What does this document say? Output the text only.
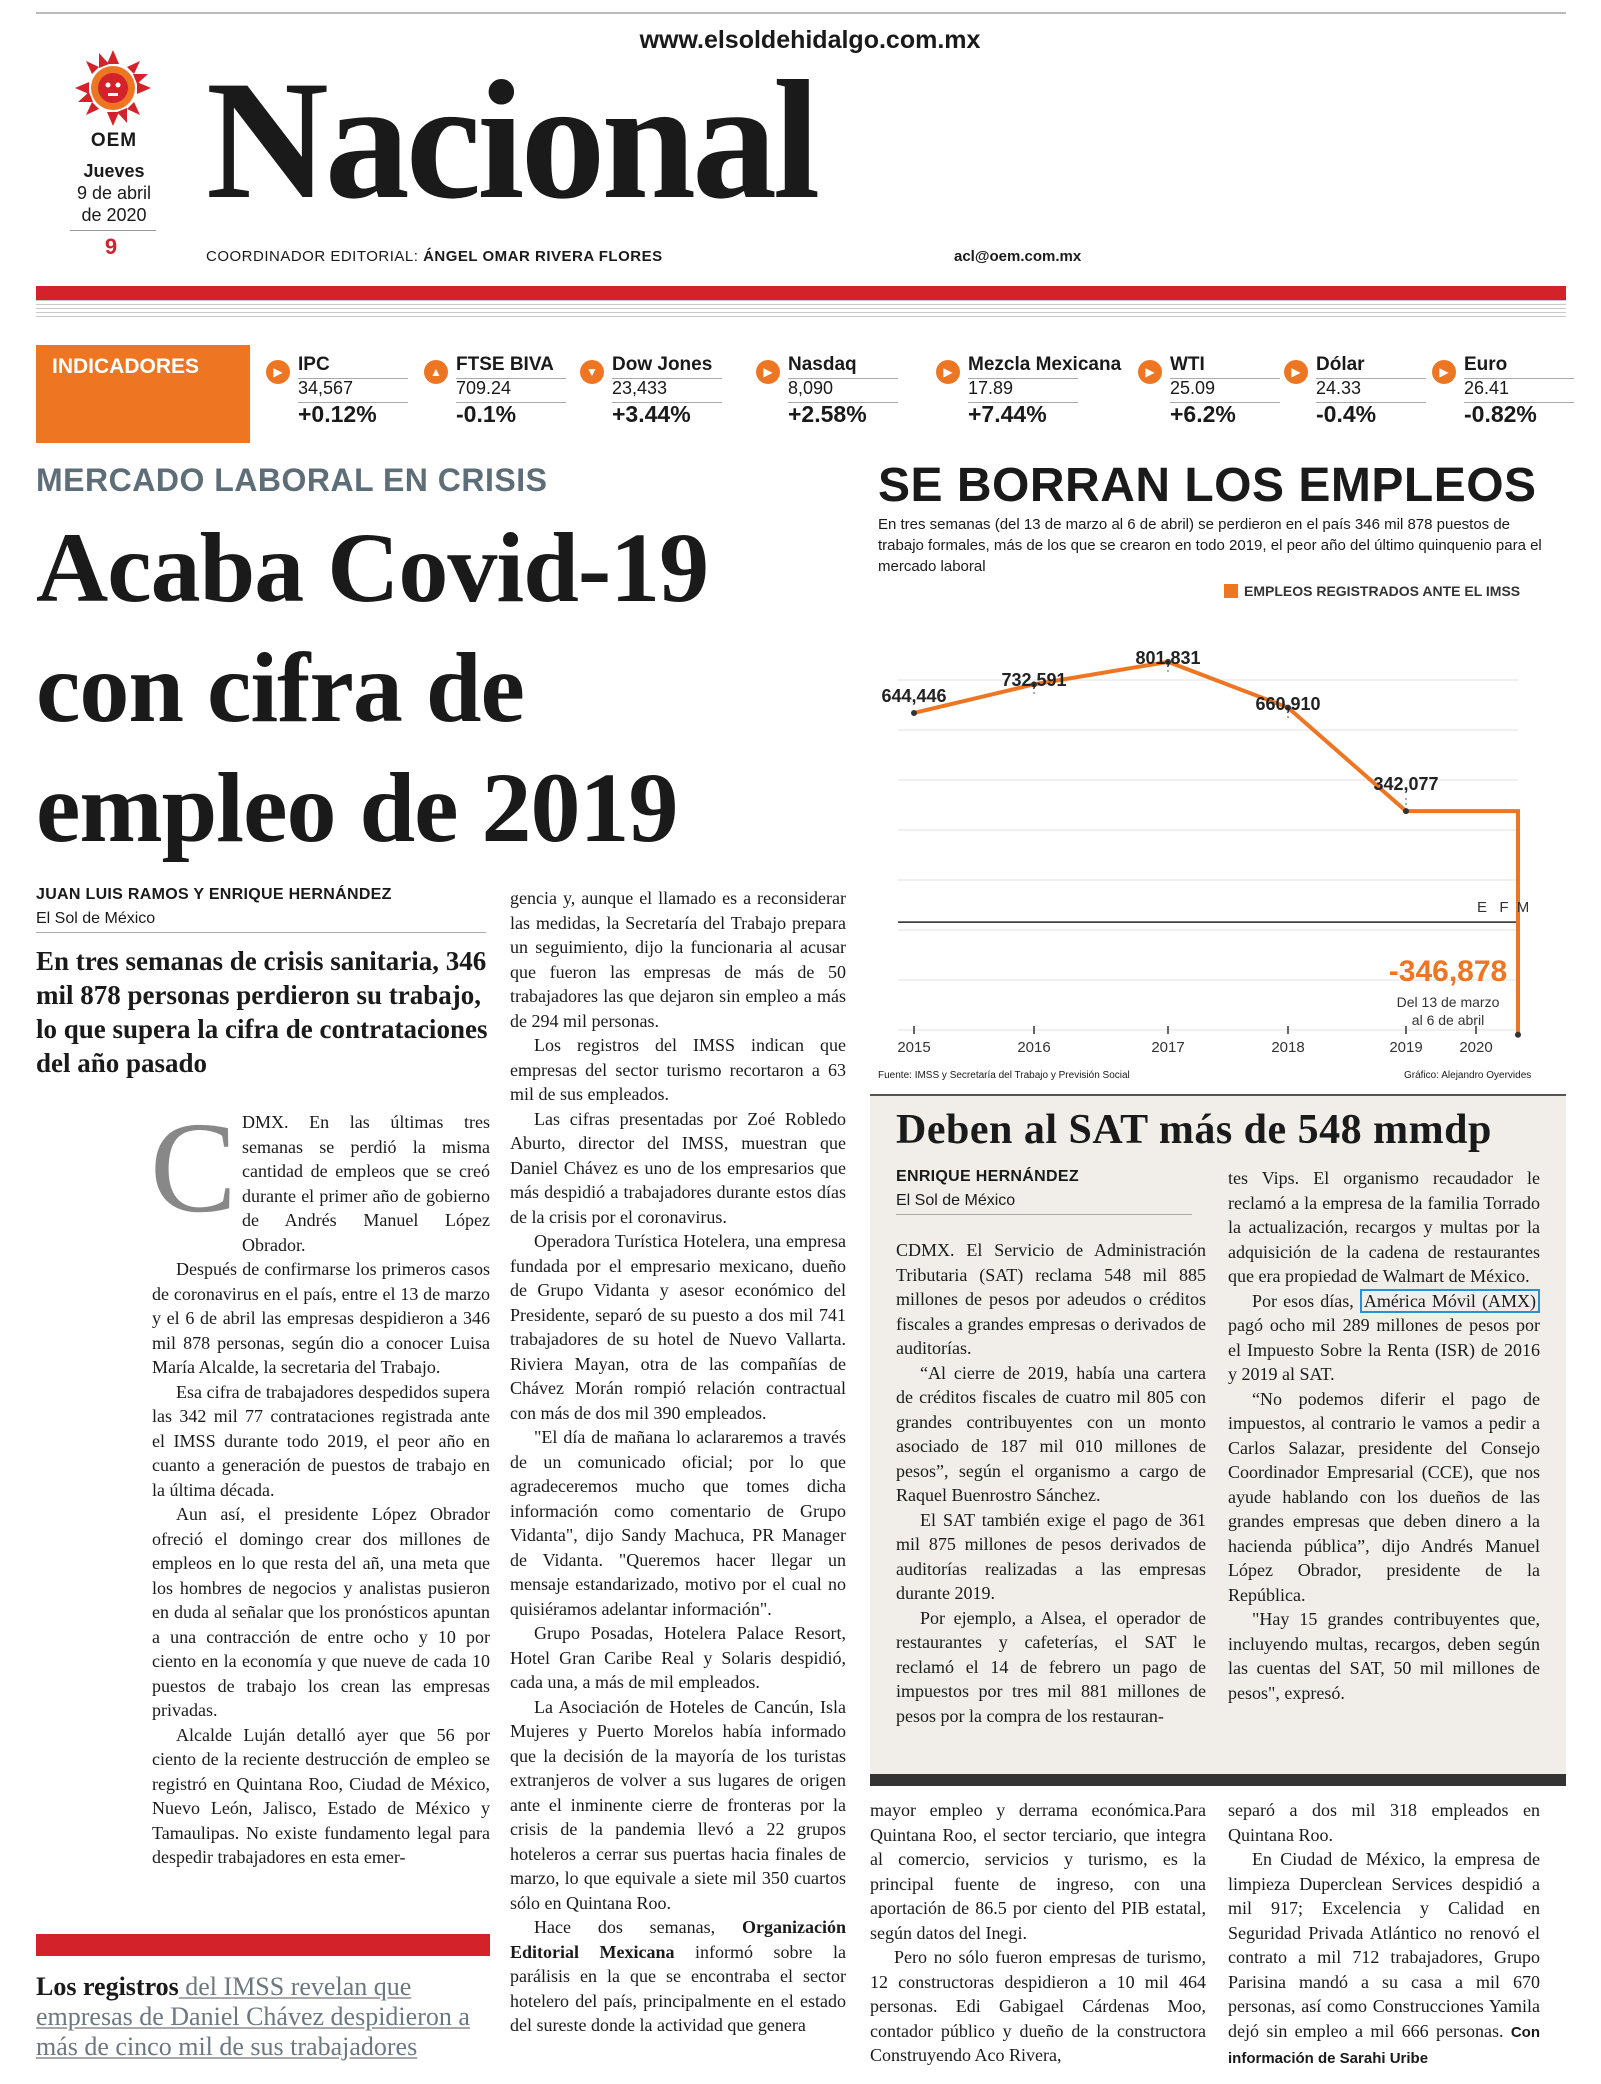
www.elsoldehidalgo.com.mx
OEM
Jueves
9 de abril
de 2020
9
Nacional
COORDINADOR EDITORIAL: ÁNGEL OMAR RIVERA FLORES	acl@oem.com.mx
INDICADORES	▶ IPC
34,567
+0.12%
▲ FTSE BIVA
709.24
-0.1%
▼ Dow Jones
23,433
+3.44%
▶ Nasdaq
8,090
+2.58%
▶ Mezcla Mexicana
17.89
+7.44%
▶ WTI
25.09
+6.2%
▶ Dólar
24.33
-0.4%
▶ Euro
26.41
-0.82%
MERCADO LABORAL EN CRISIS
Acaba Covid-19
con cifra de
empleo de 2019
JUAN LUIS RAMOS Y ENRIQUE HERNÁNDEZ
El Sol de México
En tres semanas de crisis sanitaria, 346 mil 878 personas perdieron su trabajo, lo que supera la cifra de contrataciones del año pasado
C DMX. En las últimas tres semanas se perdió la misma cantidad de empleos que se creó durante el primer año de gobierno de Andrés Manuel López Obrador.

Después de confirmarse los primeros casos de coronavirus en el país, entre el 13 de marzo y el 6 de abril las empresas despidieron a 346 mil 878 personas, según dio a conocer Luisa María Alcalde, la secretaria del Trabajo.

Esa cifra de trabajadores despedidos supera las 342 mil 77 contrataciones registrada ante el IMSS durante todo 2019, el peor año en cuanto a generación de puestos de trabajo en la última década.

Aun así, el presidente López Obrador ofreció el domingo crear dos millones de empleos en lo que resta del añ, una meta que los hombres de negocios y analistas pusieron en duda al señalar que los pronósticos apuntan a una contracción de entre ocho y 10 por ciento en la economía y que nueve de cada 10 puestos de trabajo los crean las empresas privadas.

Alcalde Luján detalló ayer que 56 por ciento de la reciente destrucción de empleo se registró en Quintana Roo, Ciudad de México, Nuevo León, Jalisco, Estado de México y Tamaulipas. No existe fundamento legal para despedir trabajadores en esta emer-

gencia y, aunque el llamado es a reconsiderar las medidas, la Secretaría del Trabajo prepara un seguimiento, dijo la funcionaria al acusar que fueron las empresas de más de 50 trabajadores las que dejaron sin empleo a más de 294 mil personas.

Los registros del IMSS indican que empresas del sector turismo recortaron a 63 mil de sus empleados.

Las cifras presentadas por Zoé Robledo Aburto, director del IMSS, muestran que Daniel Chávez es uno de los empresarios que más despidió a trabajadores durante estos días de la crisis por el coronavirus.

Operadora Turística Hotelera, una empresa fundada por el empresario mexicano, dueño de Grupo Vidanta y asesor económico del Presidente, separó de su puesto a dos mil 741 trabajadores de su hotel de Nuevo Vallarta. Riviera Mayan, otra de las compañías de Chávez Morán rompió relación contractual con más de dos mil 390 empleados.

"El día de mañana lo aclararemos a través de un comunicado oficial; por lo que agradeceremos mucho que tomes dicha información como comentario de Grupo Vidanta", dijo Sandy Machuca, PR Manager de Vidanta. "Queremos hacer llegar un mensaje estandarizado, motivo por el cual no quisiéramos adelantar información".

Grupo Posadas, Hotelera Palace Resort, Hotel Gran Caribe Real y Solaris despidió, cada una, a más de mil empleados.

La Asociación de Hoteles de Cancún, Isla Mujeres y Puerto Morelos había informado que la decisión de la mayoría de los turistas extranjeros de volver a sus lugares de origen ante el inminente cierre de fronteras por la crisis de la pandemia llevó a 22 grupos hoteleros a cerrar sus puertas hacia finales de marzo, lo que equivale a siete mil 350 cuartos sólo en Quintana Roo.

Hace dos semanas, Organización Editorial Mexicana informó sobre la parálisis en la que se encontraba el sector hotelero del país, principalmente en el estado del sureste donde la actividad que genera

Los registros del IMSS revelan que empresas de Daniel Chávez despidieron a más de cinco mil de sus trabajadores
SE BORRAN LOS EMPLEOS
En tres semanas (del 13 de marzo al 6 de abril) se perdieron en el país 346 mil 878 puestos de trabajo formales, más de los que se crearon en todo 2019, el peor año del último quinquenio para el mercado laboral
EMPLEOS REGISTRADOS ANTE EL IMSS
644,446
732,591
801,831
660,910
342,077
-346,878
Del 13 de marzo
al 6 de abril
E F M
2015	2016	2017	2018	2019 2020
Fuente: IMSS y Secretaría del Trabajo y Previsión Social	Gráfico: Alejandro Oyervides
Deben al SAT más de 548 mmdp
ENRIQUE HERNÁNDEZ
El Sol de México

CDMX. El Servicio de Administración Tributaria (SAT) reclama 548 mil 885 millones de pesos por adeudos o créditos fiscales a grandes empresas o derivados de auditorías.

“Al cierre de 2019, había una cartera de créditos fiscales de cuatro mil 805 con grandes contribuyentes con un monto asociado de 187 mil 010 millones de pesos”, según el organismo a cargo de Raquel Buenrostro Sánchez.

El SAT también exige el pago de 361 mil 875 millones de pesos derivados de auditorías realizadas a las empresas durante 2019.

Por ejemplo, a Alsea, el operador de restaurantes y cafeterías, el SAT le reclamó el 14 de febrero un pago de impuestos por tres mil 881 millones de pesos por la compra de los restauran-

tes Vips. El organismo recaudador le reclamó a la empresa de la familia Torrado la actualización, recargos y multas por la adquisición de la cadena de restaurantes que era propiedad de Walmart de México.

Por esos días, América Móvil (AMX) pagó ocho mil 289 millones de pesos por el Impuesto Sobre la Renta (ISR) de 2016 y 2019 al SAT.

“No podemos diferir el pago de impuestos, al contrario le vamos a pedir a Carlos Salazar, presidente del Consejo Coordinador Empresarial (CCE), que nos ayude hablando con los dueños de las grandes empresas que deben dinero a la hacienda pública”, dijo Andrés Manuel López Obrador, presidente de la República.

"Hay 15 grandes contribuyentes que, incluyendo multas, recargos, deben según las cuentas del SAT, 50 mil millones de pesos", expresó.

mayor empleo y derrama económica.Para Quintana Roo, el sector terciario, que integra al comercio, servicios y turismo, es la principal fuente de ingreso, con una aportación de 86.5 por ciento del PIB estatal, según datos del Inegi.

Pero no sólo fueron empresas de turismo, 12 constructoras despidieron a 10 mil 464 personas. Edi Gabigael Cárdenas Moo, contador público y dueño de la constructora Construyendo Aco Rivera,

separó a dos mil 318 empleados en Quintana Roo.

En Ciudad de México, la empresa de limpieza Duperclean Services despidió a mil 917; Excelencia y Calidad en Seguridad Privada Atlántico no renovó el contrato a mil 712 trabajadores, Grupo Parisina mandó a su casa a mil 670 personas, así como Construcciones Yamila dejó sin empleo a mil 666 personas. Con información de Sarahi Uribe
